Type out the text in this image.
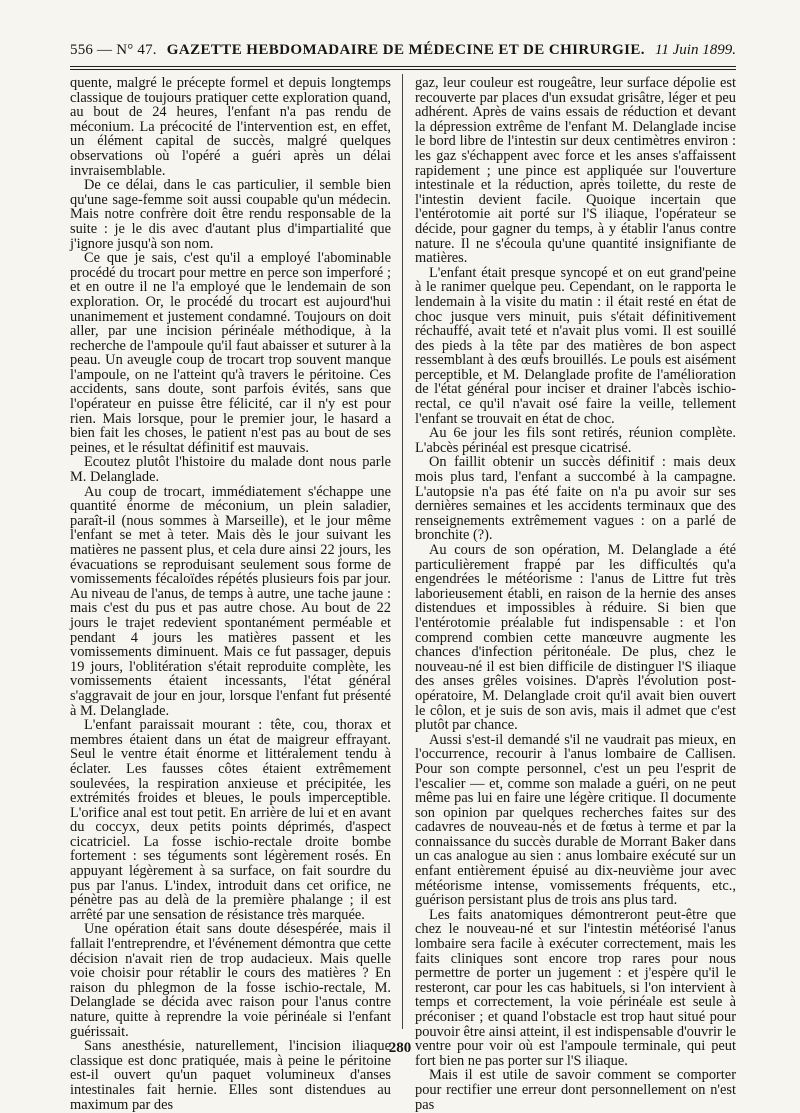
556 — N° 47. GAZETTE HEBDOMADAIRE DE MÉDECINE ET DE CHIRURGIE. 11 Juin 1899.

quente, malgré le précepte formel et depuis longtemps classique de toujours pratiquer cette exploration quand, au bout de 24 heures, l'enfant n'a pas rendu de méconium. La précocité de l'intervention est, en effet, un élément capital de succès, malgré quelques observations où l'opéré a guéri après un délai invraisemblable.

De ce délai, dans le cas particulier, il semble bien qu'une sage-femme soit aussi coupable qu'un médecin. Mais notre confrère doit être rendu responsable de la suite : je le dis avec d'autant plus d'impartialité que j'ignore jusqu'à son nom.

Ce que je sais, c'est qu'il a employé l'abominable procédé du trocart pour mettre en perce son imperforé ; et en outre il ne l'a employé que le lendemain de son exploration. Or, le procédé du trocart est aujourd'hui unanimement et justement condamné. Toujours on doit aller, par une incision périnéale méthodique, à la recherche de l'ampoule qu'il faut abaisser et suturer à la peau. Un aveugle coup de trocart trop souvent manque l'ampoule, on ne l'atteint qu'à travers le péritoine. Ces accidents, sans doute, sont parfois évités, sans que l'opérateur en puisse être félicité, car il n'y est pour rien. Mais lorsque, pour le premier jour, le hasard a bien fait les choses, le patient n'est pas au bout de ses peines, et le résultat définitif est mauvais.

Ecoutez plutôt l'histoire du malade dont nous parle M. Delanglade.

Au coup de trocart, immédiatement s'échappe une quantité énorme de méconium, un plein saladier, paraît-il (nous sommes à Marseille), et le jour même l'enfant se met à teter. Mais dès le jour suivant les matières ne passent plus, et cela dure ainsi 22 jours, les évacuations se reproduisant seulement sous forme de vomissements fécaloïdes répétés plusieurs fois par jour. Au niveau de l'anus, de temps à autre, une tache jaune : mais c'est du pus et pas autre chose. Au bout de 22 jours le trajet redevient spontanément perméable et pendant 4 jours les matières passent et les vomissements diminuent. Mais ce fut passager, depuis 19 jours, l'oblitération s'était reproduite complète, les vomissements étaient incessants, l'état général s'aggravait de jour en jour, lorsque l'enfant fut présenté à M. Delanglade.

L'enfant paraissait mourant : tête, cou, thorax et membres étaient dans un état de maigreur effrayant. Seul le ventre était énorme et littéralement tendu à éclater. Les fausses côtes étaient extrêmement soulevées, la respiration anxieuse et précipitée, les extrémités froides et bleues, le pouls imperceptible. L'orifice anal est tout petit. En arrière de lui et en avant du coccyx, deux petits points déprimés, d'aspect cicatriciel. La fosse ischio-rectale droite bombe fortement : ses téguments sont légèrement rosés. En appuyant légèrement à sa surface, on fait sourdre du pus par l'anus. L'index, introduit dans cet orifice, ne pénètre pas au delà de la première phalange ; il est arrêté par une sensation de résistance très marquée.

Une opération était sans doute désespérée, mais il fallait l'entreprendre, et l'événement démontra que cette décision n'avait rien de trop audacieux. Mais quelle voie choisir pour rétablir le cours des matières ? En raison du phlegmon de la fosse ischio-rectale, M. Delanglade se décida avec raison pour l'anus contre nature, quitte à reprendre la voie périnéale si l'enfant guérissait.

Sans anesthésie, naturellement, l'incision iliaque classique est donc pratiquée, mais à peine le péritoine est-il ouvert qu'un paquet volumineux d'anses intestinales fait hernie. Elles sont distendues au maximum par des

gaz, leur couleur est rougeâtre, leur surface dépolie est recouverte par places d'un exsudat grisâtre, léger et peu adhérent. Après de vains essais de réduction et devant la dépression extrême de l'enfant M. Delanglade incise le bord libre de l'intestin sur deux centimètres environ : les gaz s'échappent avec force et les anses s'affaissent rapidement ; une pince est appliquée sur l'ouverture intestinale et la réduction, après toilette, du reste de l'intestin devient facile. Quoique incertain que l'entérotomie ait porté sur l'S iliaque, l'opérateur se décide, pour gagner du temps, à y établir l'anus contre nature. Il ne s'écoula qu'une quantité insignifiante de matières.

L'enfant était presque syncopé et on eut grand'peine à le ranimer quelque peu. Cependant, on le rapporta le lendemain à la visite du matin : il était resté en état de choc jusque vers minuit, puis s'était définitivement réchauffé, avait teté et n'avait plus vomi. Il est souillé des pieds à la tête par des matières de bon aspect ressemblant à des œufs brouillés. Le pouls est aisément perceptible, et M. Delanglade profite de l'amélioration de l'état général pour inciser et drainer l'abcès ischio-rectal, ce qu'il n'avait osé faire la veille, tellement l'enfant se trouvait en état de choc.

Au 6e jour les fils sont retirés, réunion complète. L'abcès périnéal est presque cicatrisé.

On faillit obtenir un succès définitif : mais deux mois plus tard, l'enfant a succombé à la campagne. L'autopsie n'a pas été faite on n'a pu avoir sur ses dernières semaines et les accidents terminaux que des renseignements extrêmement vagues : on a parlé de bronchite (?).

Au cours de son opération, M. Delanglade a été particulièrement frappé par les difficultés qu'a engendrées le météorisme : l'anus de Littre fut très laborieusement établi, en raison de la hernie des anses distendues et impossibles à réduire. Si bien que l'entérotomie préalable fut indispensable : et l'on comprend combien cette manœuvre augmente les chances d'infection péritonéale. De plus, chez le nouveau-né il est bien difficile de distinguer l'S iliaque des anses grêles voisines. D'après l'évolution post-opératoire, M. Delanglade croit qu'il avait bien ouvert le côlon, et je suis de son avis, mais il admet que c'est plutôt par chance.

Aussi s'est-il demandé s'il ne vaudrait pas mieux, en l'occurrence, recourir à l'anus lombaire de Callisen. Pour son compte personnel, c'est un peu l'esprit de l'escalier — et, comme son malade a guéri, on ne peut même pas lui en faire une légère critique. Il documente son opinion par quelques recherches faites sur des cadavres de nouveau-nés et de fœtus à terme et par la connaissance du succès durable de Morrant Baker dans un cas analogue au sien : anus lombaire exécuté sur un enfant entièrement épuisé au dix-neuvième jour avec météorisme intense, vomissements fréquents, etc., guérison persistant plus de trois ans plus tard.

Les faits anatomiques démontreront peut-être que chez le nouveau-né et sur l'intestin météorisé l'anus lombaire sera facile à exécuter correctement, mais les faits cliniques sont encore trop rares pour nous permettre de porter un jugement : et j'espère qu'il le resteront, car pour les cas habituels, si l'on intervient à temps et correctement, la voie périnéale est seule à préconiser ; et quand l'obstacle est trop haut situé pour pouvoir être ainsi atteint, il est indispensable d'ouvrir le ventre pour voir où est l'ampoule terminale, qui peut fort bien ne pas porter sur l'S iliaque.

Mais il est utile de savoir comment se comporter pour rectifier une erreur dont personnellement on n'est pas

280
